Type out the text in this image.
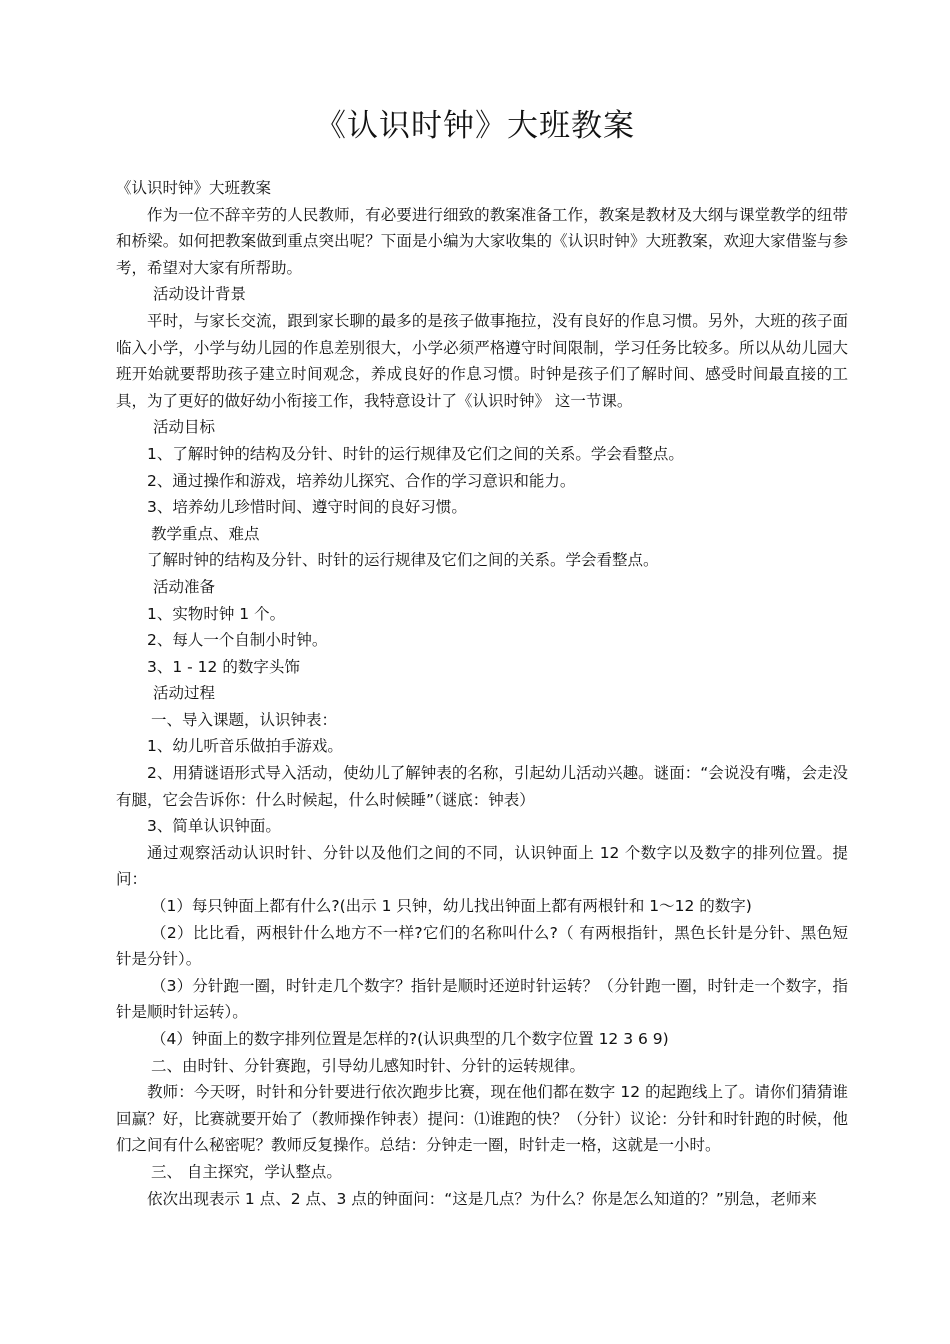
《认识时钟》大班教案

《认识时钟》大班教案

作为一位不辞辛劳的人民教师，有必要进行细致的教案准备工作，教案是教材及大纲与课堂教学的纽带和桥梁。如何把教案做到重点突出呢？下面是小编为大家收集的《认识时钟》大班教案，欢迎大家借鉴与参考，希望对大家有所帮助。

活动设计背景

平时，与家长交流，跟到家长聊的最多的是孩子做事拖拉，没有良好的作息习惯。另外，大班的孩子面临入小学，小学与幼儿园的作息差别很大，小学必须严格遵守时间限制，学习任务比较多。所以从幼儿园大班开始就要帮助孩子建立时间观念，养成良好的作息习惯。时钟是孩子们了解时间、感受时间最直接的工具，为了更好的做好幼小衔接工作，我特意设计了《认识时钟》 这一节课。

活动目标

1、了解时钟的结构及分针、时针的运行规律及它们之间的关系。学会看整点。

2、通过操作和游戏，培养幼儿探究、合作的学习意识和能力。

3、培养幼儿珍惜时间、遵守时间的良好习惯。

教学重点、难点

了解时钟的结构及分针、时针的运行规律及它们之间的关系。学会看整点。

活动准备

1、实物时钟 1 个。

2、每人一个自制小时钟。

3、1 - 12 的数字头饰

活动过程

一、导入课题，认识钟表：

1、幼儿听音乐做拍手游戏。

2、用猜谜语形式导入活动，使幼儿了解钟表的名称，引起幼儿活动兴趣。谜面：“会说没有嘴，会走没有腿，它会告诉你：什么时候起，什么时候睡”（谜底：钟表）

3、简单认识钟面。

通过观察活动认识时针、分针以及他们之间的不同，认识钟面上 12 个数字以及数字的排列位置。提问：

（1）每只钟面上都有什么?(出示 1 只钟，幼儿找出钟面上都有两根针和 1～12 的数字)

（2）比比看，两根针什么地方不一样?它们的名称叫什么?（ 有两根指针，黑色长针是分针、黑色短针是分针）。

（3）分针跑一圈，时针走几个数字？指针是顺时还逆时针运转？（分针跑一圈，时针走一个数字，指针是顺时针运转）。

（4）钟面上的数字排列位置是怎样的?(认识典型的几个数字位置 12 3 6 9)

二、由时针、分针赛跑，引导幼儿感知时针、分针的运转规律。

教师：今天呀，时针和分针要进行依次跑步比赛，现在他们都在数字 12 的起跑线上了。请你们猜猜谁回赢？好，比赛就要开始了（教师操作钟表）提问：⑴谁跑的快？（分针）议论：分针和时针跑的时候，他们之间有什么秘密呢？教师反复操作。总结：分钟走一圈，时针走一格，这就是一小时。

三、 自主探究，学认整点。

依次出现表示 1 点、2 点、3 点的钟面问：“这是几点？为什么？你是怎么知道的？”别急，老师来
